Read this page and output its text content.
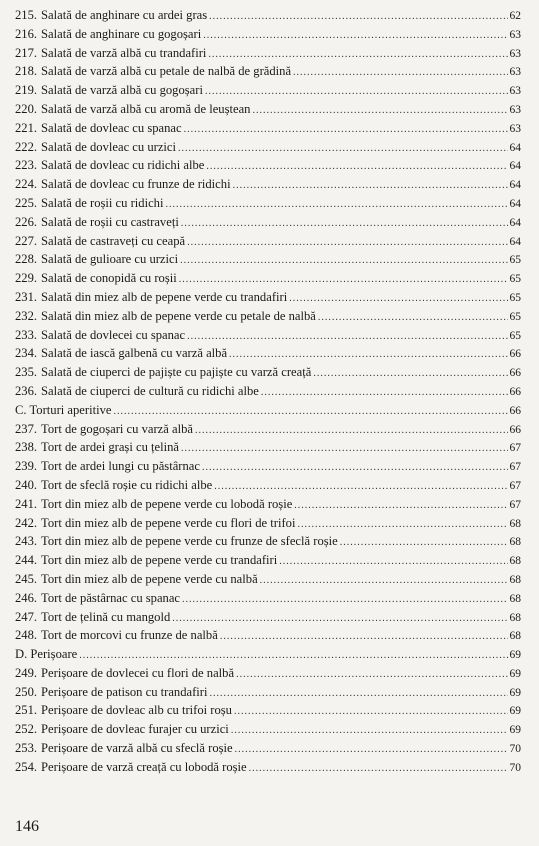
215. Salată de anghinare cu ardei gras .....	62
216. Salată de anghinare cu gogoșari .....	63
217. Salată de varză albă cu trandafiri .....	63
218. Salată de varză albă cu petale de nalbă de grădină .....	63
219. Salată de varză albă cu gogoșari .....	63
220. Salată de varză albă cu aromă de leuștean .....	63
221. Salată de dovleac cu spanac .....	63
222. Salată de dovleac cu urzici .....	64
223. Salată de dovleac cu ridichi albe .....	64
224. Salată de dovleac cu frunze de ridichi .....	64
225. Salată de roșii cu ridichi .....	64
226. Salată de roșii cu castraveți .....	64
227. Salată de castraveți cu ceapă .....	64
228. Salată de gulioare cu urzici .....	65
229. Salată de conopidă cu roșii .....	65
231. Salată din miez alb de pepene verde cu trandafiri .....	65
232. Salată din miez alb de pepene verde cu petale de nalbă .....	65
233. Salată de dovlecei cu spanac .....	65
234. Salată de iască galbenă cu varză albă .....	66
235. Salată de ciuperci de pajiște cu pajiște cu varză creață .....	66
236. Salată de ciuperci de cultură cu ridichi albe .....	66
C. Torturi aperitive .....	66
237. Tort de gogoșari cu varză albă .....	66
238. Tort de ardei grași cu țelină .....	67
239. Tort de ardei lungi cu păstârnac .....	67
240. Tort de sfeclă roșie cu ridichi albe .....	67
241. Tort din miez alb de pepene verde cu lobodă roșie .....	67
242. Tort din miez alb de pepene verde cu flori de trifoi .....	68
243. Tort din miez alb de pepene verde cu frunze de sfeclă roșie .....	68
244. Tort din miez alb de pepene verde cu trandafiri .....	68
245. Tort din miez alb de pepene verde cu nalbă .....	68
246. Tort de păstârnac cu spanac .....	68
247. Tort de țelină cu mangold .....	68
248. Tort de morcovi cu frunze de nalbă .....	68
D. Perișoare .....	69
249. Perișoare de dovlecei cu flori de nalbă .....	69
250. Perișoare de patison cu trandafiri .....	69
251. Perișoare de dovleac alb cu trifoi roșu .....	69
252. Perișoare de dovleac furajer cu urzici .....	69
253. Perișoare de varză albă cu sfeclă roșie .....	70
254. Perișoare de varză creață cu lobodă roșie .....	70
146
